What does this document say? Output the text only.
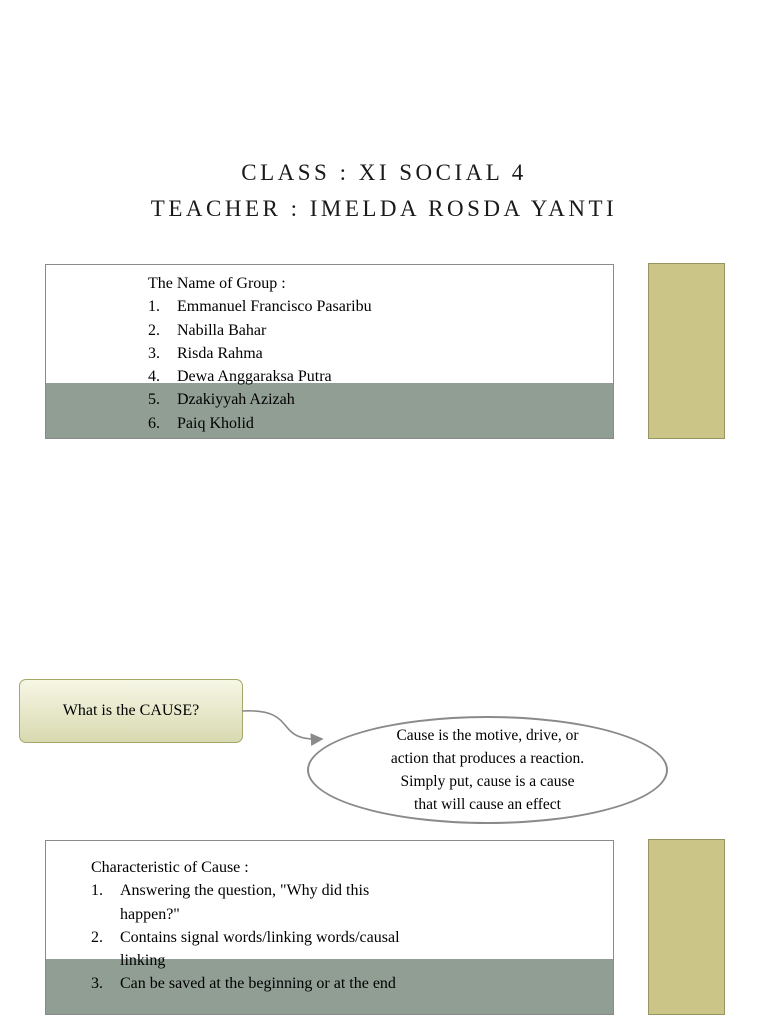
CLASS : XI SOCIAL 4
TEACHER : IMELDA ROSDA YANTI
The Name of Group :
1.	Emmanuel Francisco Pasaribu
2.	Nabilla Bahar
3.	Risda Rahma
4.	Dewa Anggaraksa Putra
5.	Dzakiyyah Azizah
6.	Paiq Kholid
What is the CAUSE?
Cause is the motive, drive, or
action that produces a reaction.
Simply put, cause is a cause
that will cause an effect
Characteristic of Cause :
1.	Answering the question, "Why did this
happen?"
2.	Contains signal words/linking words/causal
linking
3.	Can be saved at the beginning or at the end
